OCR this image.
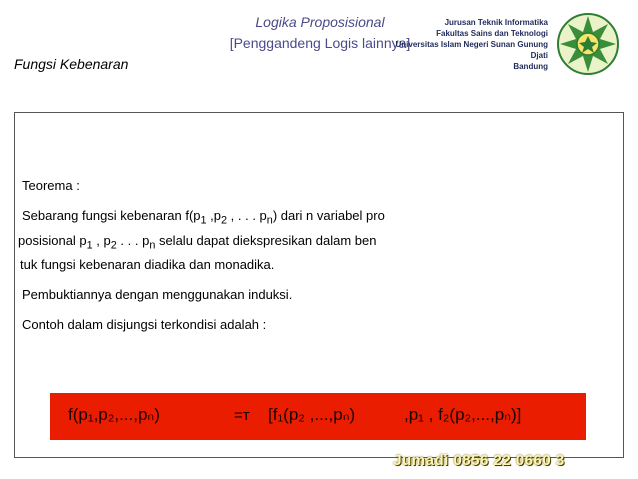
Logika Proposisional
[Penggandeng Logis lainnya]
Fungsi Kebenaran
Jurusan Teknik Informatika
Fakultas Sains dan Teknologi
Universitas Islam Negeri Sunan Gunung Djati
Bandung

Teorema :

Sebarang fungsi kebenaran $f(p_1$ $,p_2$ , . . . $p_n$) dari n variabel pro

posisional $p_1$ , $p_2$ . . . $p_n$ selalu dapat diekspresikan dalam ben

tuk fungsi kebenaran diadika dan monadika.

Pembuktiannya dengan menggunakan induksi.

Contoh dalam disjungsi terkondisi adalah :

f(p₁,p₂,...,pₙ)	=ᴛ [f₁(p₂ ,...,pₙ)	,p₁ , f₂(p₂,...,pₙ)]
Jumadi 0856 22 0660 3
